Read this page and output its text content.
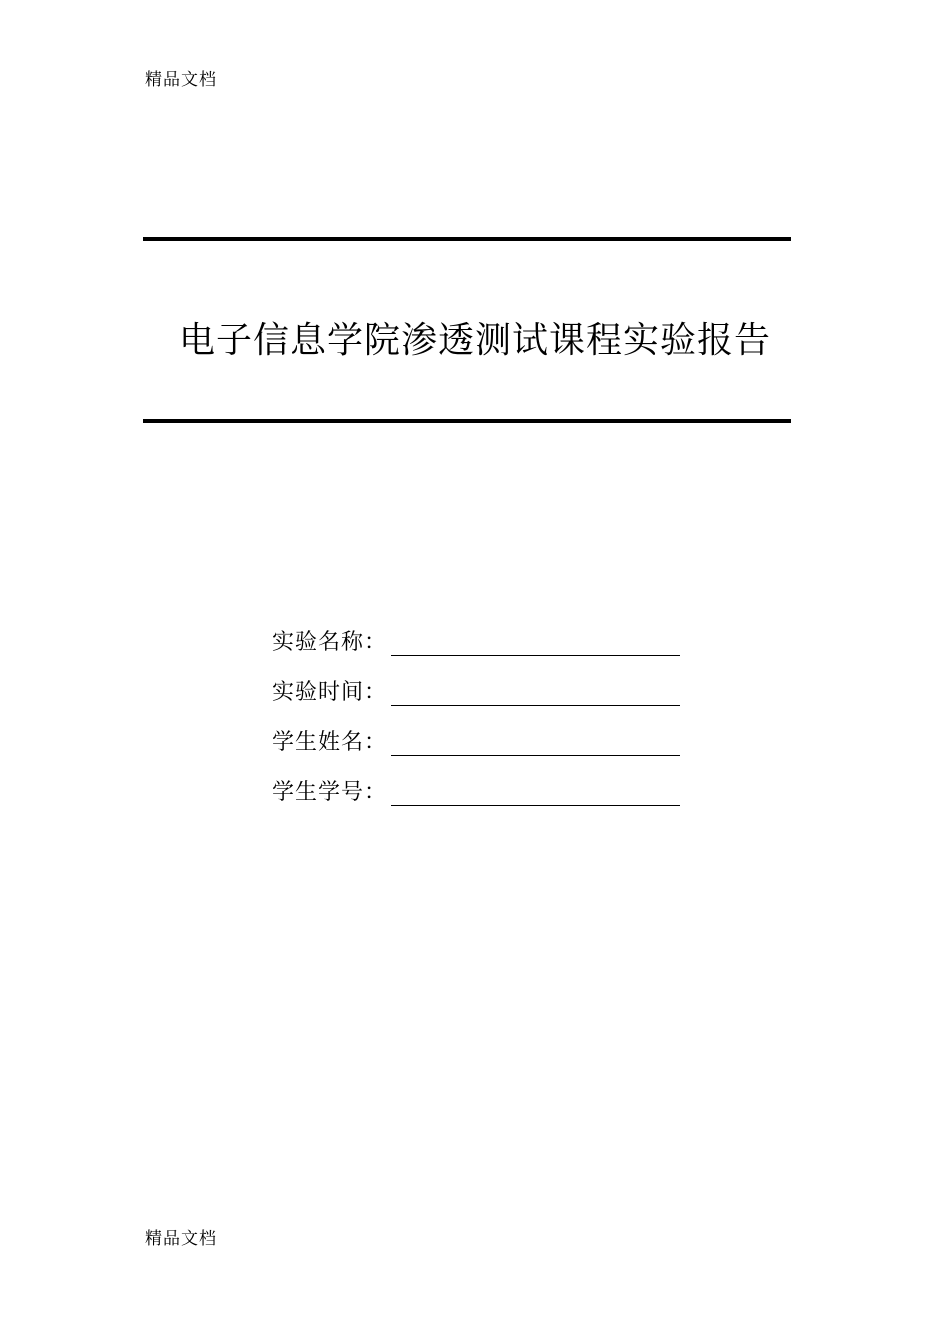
精品文档
电子信息学院渗透测试课程实验报告
实验名称：
实验时间：
学生姓名：
学生学号：
精品文档
